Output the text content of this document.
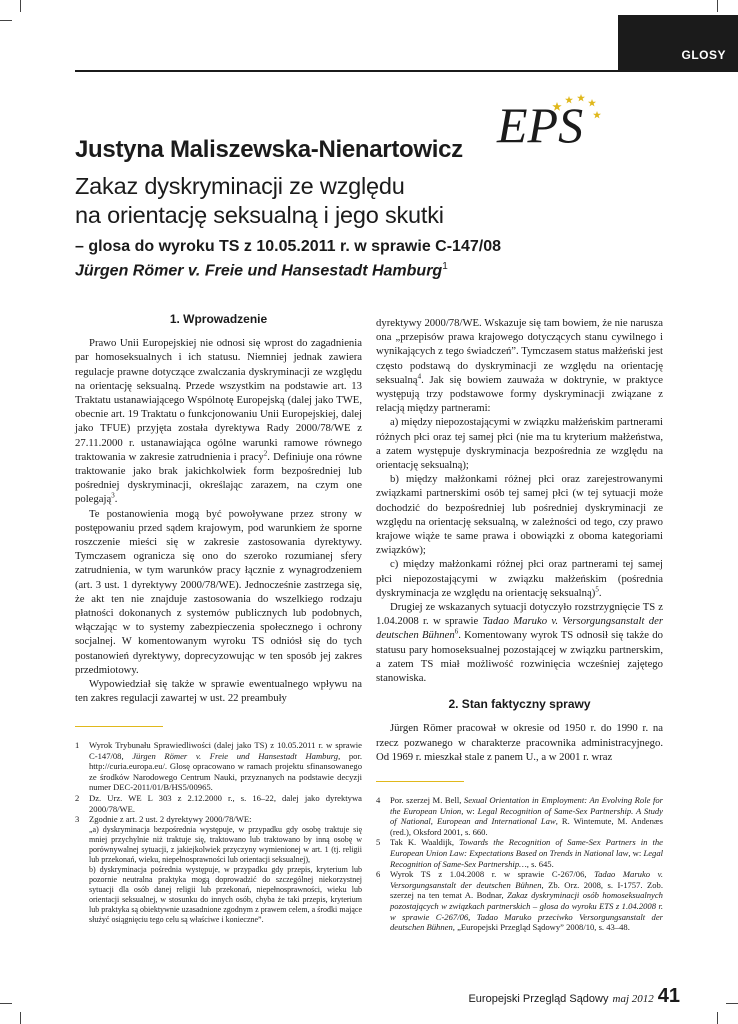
GLOSY
EPS
Justyna Maliszewska-Nienartowicz
Zakaz dyskryminacji ze względu
na orientację seksualną i jego skutki
– glosa do wyroku TS z 10.05.2011 r. w sprawie C-147/08
Jürgen Römer v. Freie und Hansestadt Hamburg$^1$
1. Wprowadzenie

Prawo Unii Europejskiej nie odnosi się wprost do zagadnienia par homoseksualnych i ich statusu. Niemniej jednak zawiera regulacje prawne dotyczące zwalczania dyskryminacji ze względu na orientację seksualną. Przede wszystkim na podstawie art. 13 Traktatu ustanawiającego Wspólnotę Europejską (dalej jako TWE, obecnie art. 19 Traktatu o funkcjonowaniu Unii Europejskiej, dalej jako TFUE) przyjęta została dyrektywa Rady 2000/78/WE z 27.11.2000 r. ustanawiająca ogólne warunki ramowe równego traktowania w zakresie zatrudnienia i pracy$^2$. Definiuje ona równe traktowanie jako brak jakichkolwiek form bezpośredniej lub pośredniej dyskryminacji, określając zarazem, na czym one polegają$^3$.

Te postanowienia mogą być powoływane przez strony w postępowaniu przed sądem krajowym, pod warunkiem że sporne roszczenie mieści się w zakresie zastosowania dyrektywy. Tymczasem ogranicza się ono do szeroko rozumianej sfery zatrudnienia, w tym warunków pracy łącznie z wynagrodzeniem (art. 3 ust. 1 dyrektywy 2000/78/WE). Jednocześnie zastrzega się, że akt ten nie znajduje zastosowania do wszelkiego rodzaju płatności dokonanych z systemów publicznych lub podobnych, włączając w to systemy zabezpieczenia społecznego i ochrony socjalnej. W komentowanym wyroku TS odniósł się do tych postanowień dyrektywy, doprecyzowując w ten sposób jej zakres przedmiotowy.

Wypowiedział się także w sprawie ewentualnego wpływu na ten zakres regulacji zawartej w ust. 22 preambuły

dyrektywy 2000/78/WE. Wskazuje się tam bowiem, że nie narusza ona „przepisów prawa krajowego dotyczących stanu cywilnego i wynikających z tego świadczeń”. Tymczasem status małżeński jest często podstawą do dyskryminacji ze względu na orientację seksualną$^4$. Jak się bowiem zauważa w doktrynie, w praktyce występują trzy podstawowe formy dyskryminacji związane z relacją między partnerami:

a) między niepozostającymi w związku małżeńskim partnerami różnych płci oraz tej samej płci (nie ma tu kryterium małżeństwa, a zatem występuje dyskryminacja bezpośrednia ze względu na orientację seksualną);

b) między małżonkami różnej płci oraz zarejestrowanymi związkami partnerskimi osób tej samej płci (w tej sytuacji może dochodzić do bezpośredniej lub pośredniej dyskryminacji ze względu na orientację seksualną, w zależności od tego, czy prawo krajowe wiąże te same prawa i obowiązki z oboma kategoriami związków);

c) między małżonkami różnej płci oraz partnerami tej samej płci niepozostającymi w związku małżeńskim (pośrednia dyskryminacja ze względu na orientację seksualną)$^5$.

Drugiej ze wskazanych sytuacji dotyczyło rozstrzygnięcie TS z 1.04.2008 r. w sprawie Tadao Maruko v. Versorgungsanstalt der deutschen Bühnen$^6$. Komentowany wyrok TS odnosił się także do statusu pary homoseksualnej pozostającej w związku partnerskim, a zatem TS miał możliwość rozwinięcia wcześniej zajętego stanowiska.

2. Stan faktyczny sprawy

Jürgen Römer pracował w okresie od 1950 r. do 1990 r. na rzecz pozwanego w charakterze pracownika administracyjnego. Od 1969 r. mieszkał stale z panem U., a w 2001 r. wraz

1	Wyrok Trybunału Sprawiedliwości (dalej jako TS) z 10.05.2011 r. w sprawie C-147/08, Jürgen Römer v. Freie und Hansestadt Hamburg, por. http://curia.europa.eu/. Glosę opracowano w ramach projektu sfinansowanego ze środków Narodowego Centrum Nauki, przyznanych na podstawie decyzji numer DEC-2011/01/B/HS5/00965.
2	Dz. Urz. WE L 303 z 2.12.2000 r., s. 16–22, dalej jako dyrektywa 2000/78/WE.
3	Zgodnie z art. 2 ust. 2 dyrektywy 2000/78/WE:
„a) dyskryminacja bezpośrednia występuje, w przypadku gdy osobę traktuje się mniej przychylnie niż traktuje się, traktowano lub traktowano by inną osobę w porównywalnej sytuacji, z jakiejkolwiek przyczyny wymienionej w art. 1 (tj. religii lub przekonań, wieku, niepełnosprawności lub orientacji seksualnej),
b) dyskryminacja pośrednia występuje, w przypadku gdy przepis, kryterium lub pozornie neutralna praktyka mogą doprowadzić do szczególnej niekorzystnej sytuacji dla osób danej religii lub przekonań, niepełnosprawności, wieku lub orientacji seksualnej, w stosunku do innych osób, chyba że taki przepis, kryterium lub praktyka są obiektywnie uzasadnione zgodnym z prawem celem, a środki mające służyć osiągnięciu tego celu są właściwe i konieczne”.
4	Por. szerzej M. Bell, Sexual Orientation in Employment: An Evolving Role for the European Union, w: Legal Recognition of Same-Sex Partnership. A Study of National, European and International Law, R. Wintemute, M. Andenæs (red.), Oksford 2001, s. 660.
5	Tak K. Waaldijk, Towards the Recognition of Same-Sex Partners in the European Union Law: Expectations Based on Trends in National law, w: Legal Recognition of Same-Sex Partnership…, s. 645.
6	Wyrok TS z 1.04.2008 r. w sprawie C-267/06, Tadao Maruko v. Versorgungsanstalt der deutschen Bühnen, Zb. Orz. 2008, s. I-1757. Zob. szerzej na ten temat A. Bodnar, Zakaz dyskryminacji osób homoseksualnych pozostających w związkach partnerskich – glosa do wyroku ETS z 1.04.2008 r. w sprawie C-267/06, Tadao Maruko przeciwko Versorgungsanstalt der deutschen Bühnen, „Europejski Przegląd Sądowy” 2008/10, s. 43–48.
Europejski Przegląd Sądowy maj 2012 41
